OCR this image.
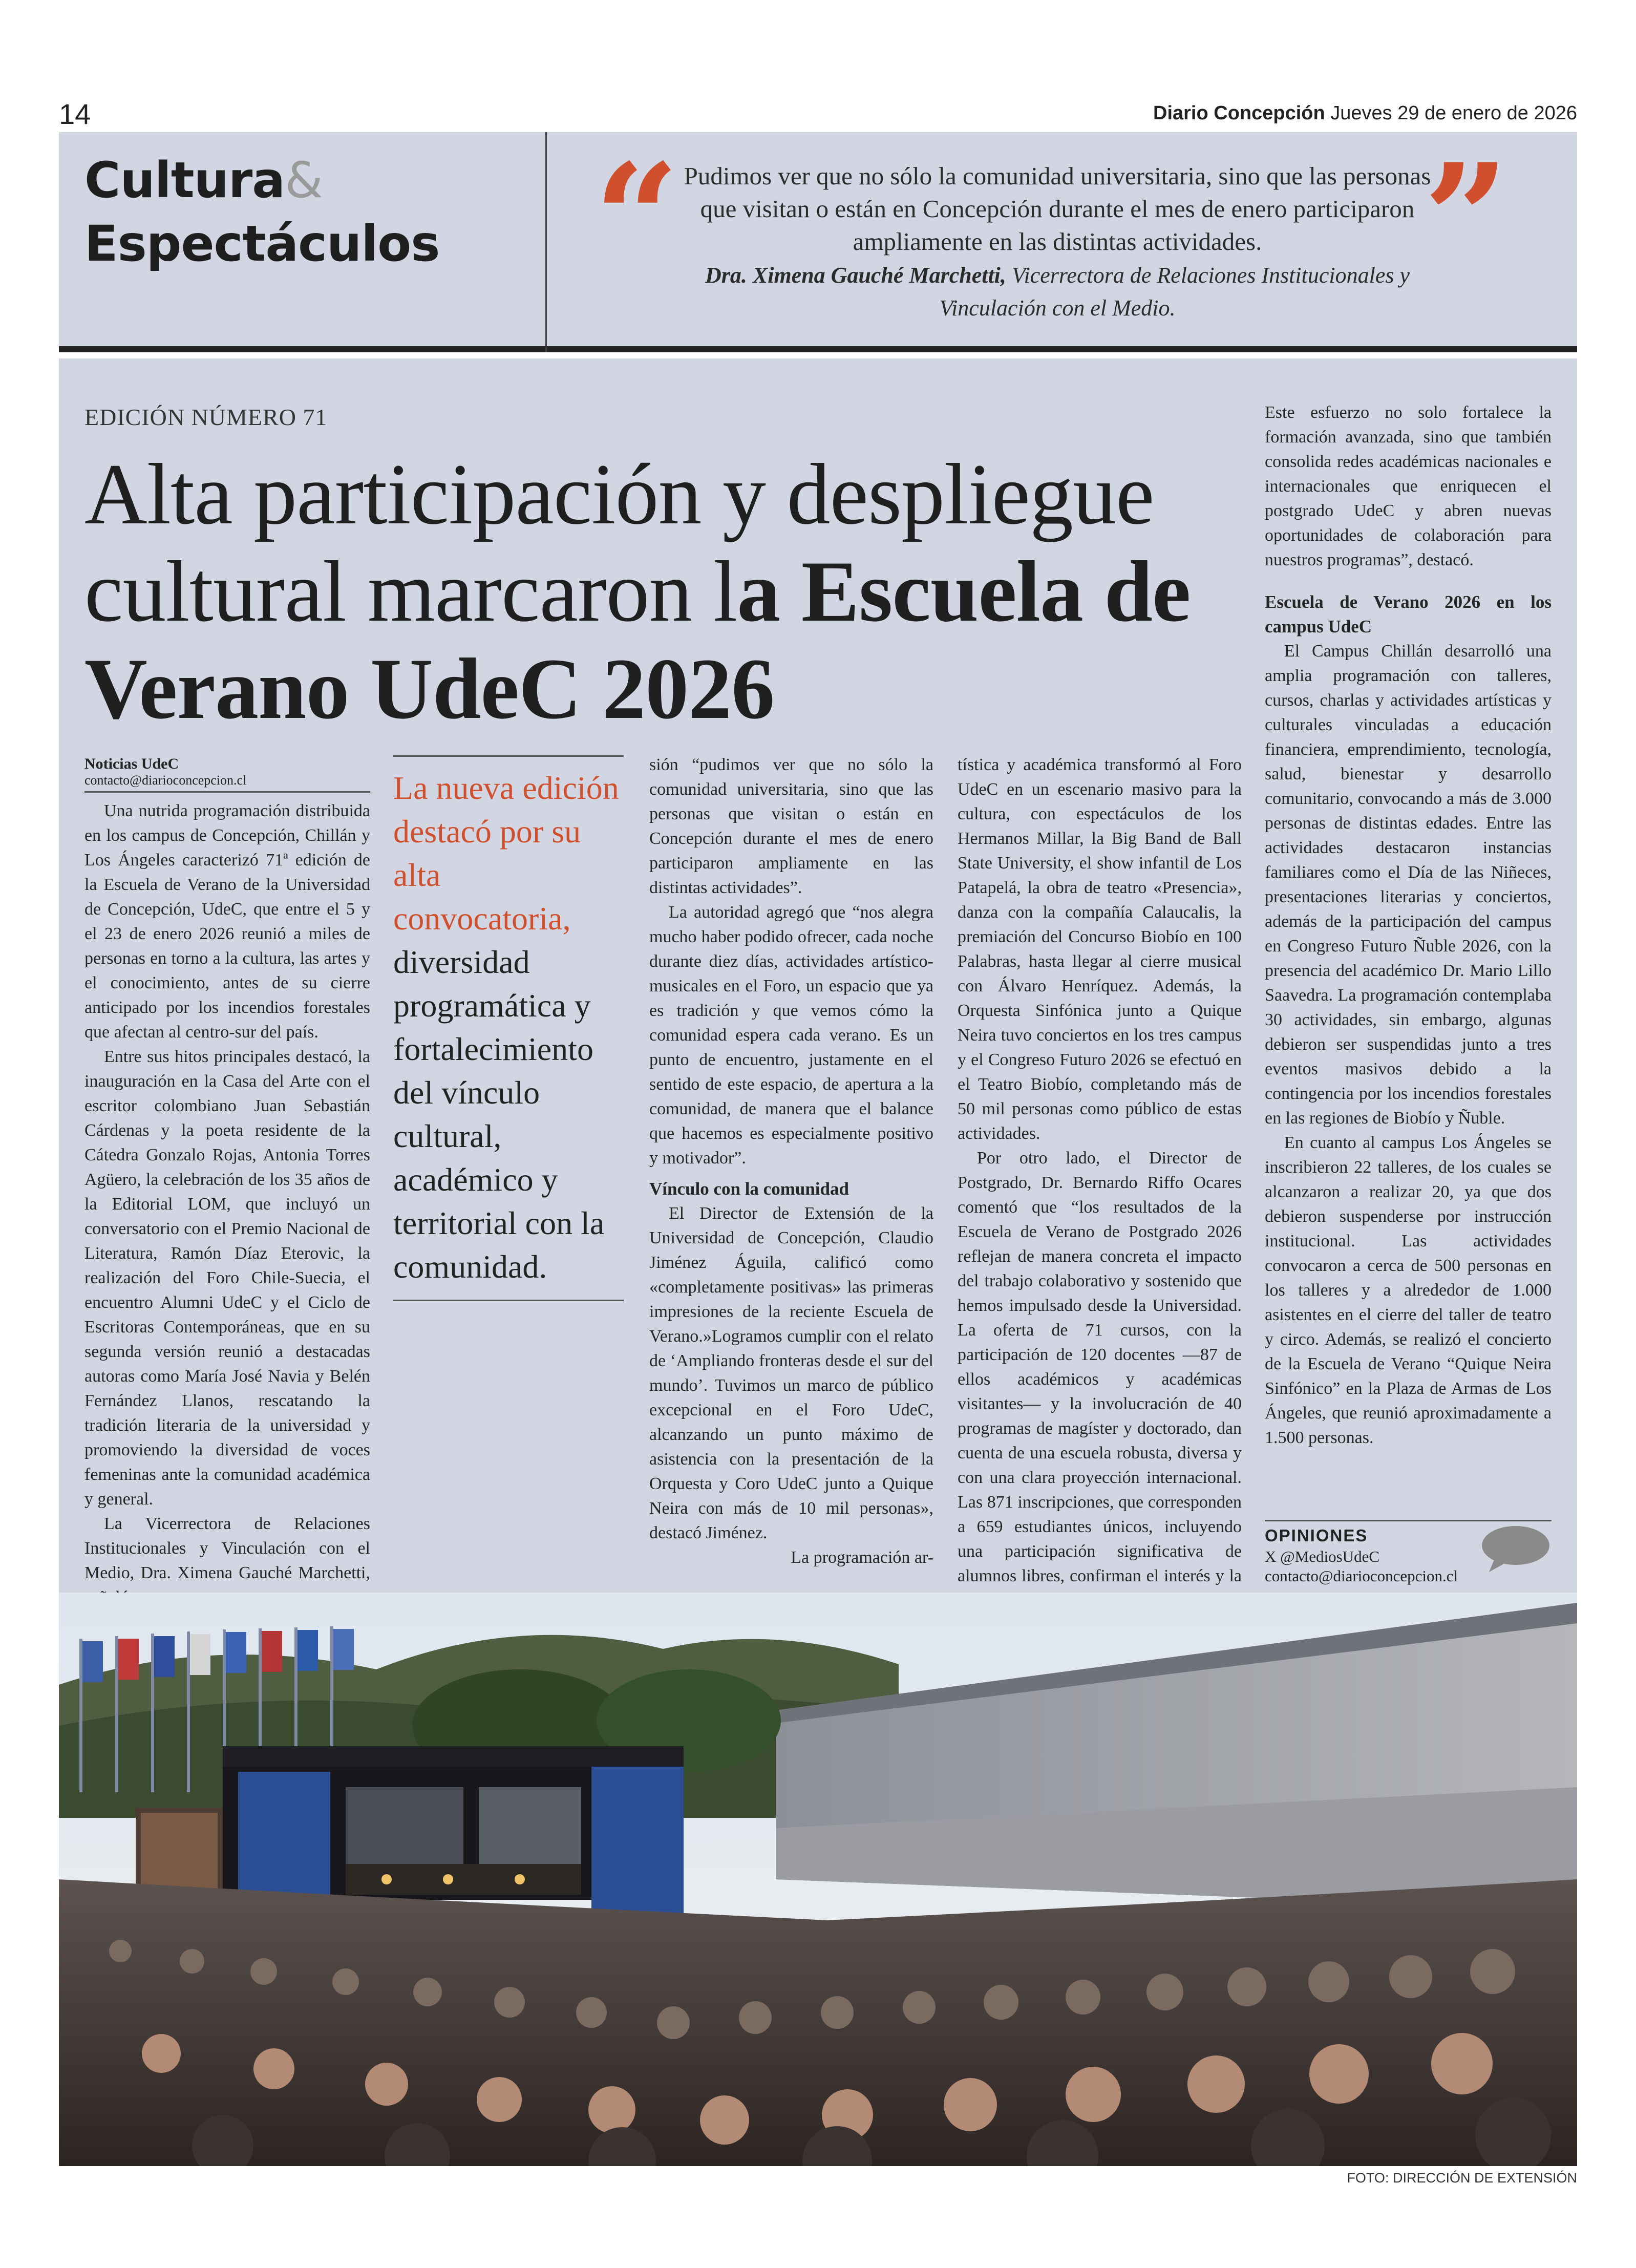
14	Diario Concepción Jueves 29 de enero de 2026
Cultura&
Espectáculos “	”
Pudimos ver que no sólo la comunidad universitaria, sino que las personas que visitan o están en Concepción durante el mes de enero participaron ampliamente en las distintas actividades.
Dra. Ximena Gauché Marchetti, Vicerrectora de Relaciones Institucionales y Vinculación con el Medio.
EDICIÓN NÚMERO 71
Alta participación y despliegue cultural marcaron la Escuela de Verano UdeC 2026
Noticias UdeC
contacto@diarioconcepcion.cl

Una nutrida programación distribuida en los campus de Concepción, Chillán y Los Ángeles caracterizó 71ª edición de la Escuela de Verano de la Universidad de Concepción, UdeC, que entre el 5 y el 23 de enero 2026 reunió a miles de personas en torno a la cultura, las artes y el conocimiento, antes de su cierre anticipado por los incendios forestales que afectan al centro-sur del país.

Entre sus hitos principales destacó, la inauguración en la Casa del Arte con el escritor colombiano Juan Sebastián Cárdenas y la poeta residente de la Cátedra Gonzalo Rojas, Antonia Torres Agüero, la celebración de los 35 años de la Editorial LOM, que incluyó un conversatorio con el Premio Nacional de Literatura, Ramón Díaz Eterovic, la realización del Foro Chile-Suecia, el encuentro Alumni UdeC y el Ciclo de Escritoras Contemporáneas, que en su segunda versión reunió a destacadas autoras como María José Navia y Belén Fernández Llanos, rescatando la tradición literaria de la universidad y promoviendo la diversidad de voces femeninas ante la comunidad académica y general.

La Vicerrectora de Relaciones Institucionales y Vinculación con el Medio, Dra. Ximena Gauché Marchetti,

La nueva edición destacó por su alta convocatoria, diversidad programática y fortalecimiento del vínculo cultural, académico y territorial con la comunidad.

sión “pudimos ver que no sólo la comunidad universitaria, sino que las personas que visitan o están en Concepción durante el mes de enero participaron ampliamente en las distintas actividades”.

La autoridad agregó que “nos alegra mucho haber podido ofrecer, cada noche durante diez días, actividades artístico-musicales en el Foro, un espacio que ya es tradición y que vemos cómo la comunidad espera cada verano. Es un punto de encuentro, justamente en el sentido de este espacio, de apertura a la comunidad, de manera que el balance que hacemos es especialmente positivo y motivador”.

Vínculo con la comunidad

El Director de Extensión de la Universidad de Concepción, Claudio Jiménez Águila, calificó como «completamente positivas» las primeras impresiones de la reciente Escuela de Verano.»Logramos cumplir con el relato de ‘Ampliando fronteras desde el sur del mundo’. Tuvimos un marco de público excepcional en el Foro UdeC, alcanzando un punto máximo de asistencia con la presentación de la Orquesta y Coro UdeC junto a Quique Neira con más de 10 mil personas», destacó Jiménez.

La programación ar-

tística y académica transformó al Foro UdeC en un escenario masivo para la cultura, con espectáculos de los Hermanos Millar, la Big Band de Ball State University, el show infantil de Los Patapelá, la obra de teatro «Presencia», danza con la compañía Calaucalis, la premiación del Concurso Biobío en 100 Palabras, hasta llegar al cierre musical con Álvaro Henríquez. Además, la Orquesta Sinfónica junto a Quique Neira tuvo conciertos en los tres campus y el Congreso Futuro 2026 se efectuó en el Teatro Biobío, completando más de 50 mil personas como público de estas actividades.

Por otro lado, el Director de Postgrado, Dr. Bernardo Riffo Ocares comentó que “los resultados de la Escuela de Verano de Postgrado 2026 reflejan de manera concreta el impacto del trabajo colaborativo y sostenido que hemos impulsado desde la Universidad. La oferta de 71 cursos, con la participación de 120 docentes —87 de ellos académicos y académicas visitantes— y la involucración de 40 programas de magíster y doctorado, dan cuenta de una escuela robusta, diversa y con una clara proyección internacional. Las 871 inscripciones, que corresponden a 659 estudiantes únicos, incluyendo una participación significativa de alumnos libres, confirman el interés y la

Este esfuerzo no solo fortalece la formación avanzada, sino que también consolida redes académicas nacionales e internacionales que enriquecen el postgrado UdeC y abren nuevas oportunidades de colaboración para nuestros programas”, destacó.

Escuela de Verano 2026 en los campus UdeC

El Campus Chillán desarrolló una amplia programación con talleres, cursos, charlas y actividades artísticas y culturales vinculadas a educación financiera, emprendimiento, tecnología, salud, bienestar y desarrollo comunitario, convocando a más de 3.000 personas de distintas edades. Entre las actividades destacaron instancias familiares como el Día de las Niñeces, presentaciones literarias y conciertos, además de la participación del campus en Congreso Futuro Ñuble 2026, con la presencia del académico Dr. Mario Lillo Saavedra. La programación contemplaba 30 actividades, sin embargo, algunas debieron ser suspendidas junto a tres eventos masivos debido a la contingencia por los incendios forestales en las regiones de Biobío y Ñuble.

En cuanto al campus Los Ángeles se inscribieron 22 talleres, de los cuales se alcanzaron a realizar 20, ya que dos debieron suspenderse por instrucción institucional. Las actividades convocaron a cerca de 500 personas en los talleres y a alrededor de 1.000 asistentes en el cierre del taller de teatro y circo. Además, se realizó el concierto de la Escuela de Verano “Quique Neira Sinfónico” en la Plaza de Armas de Los Ángeles, que reunió aproximadamente a 1.500 personas.

OPINIONES
X @MediosUdeC
contacto@diarioconcepcion.cl
FOTO: DIRECCIÓN DE EXTENSIÓN
